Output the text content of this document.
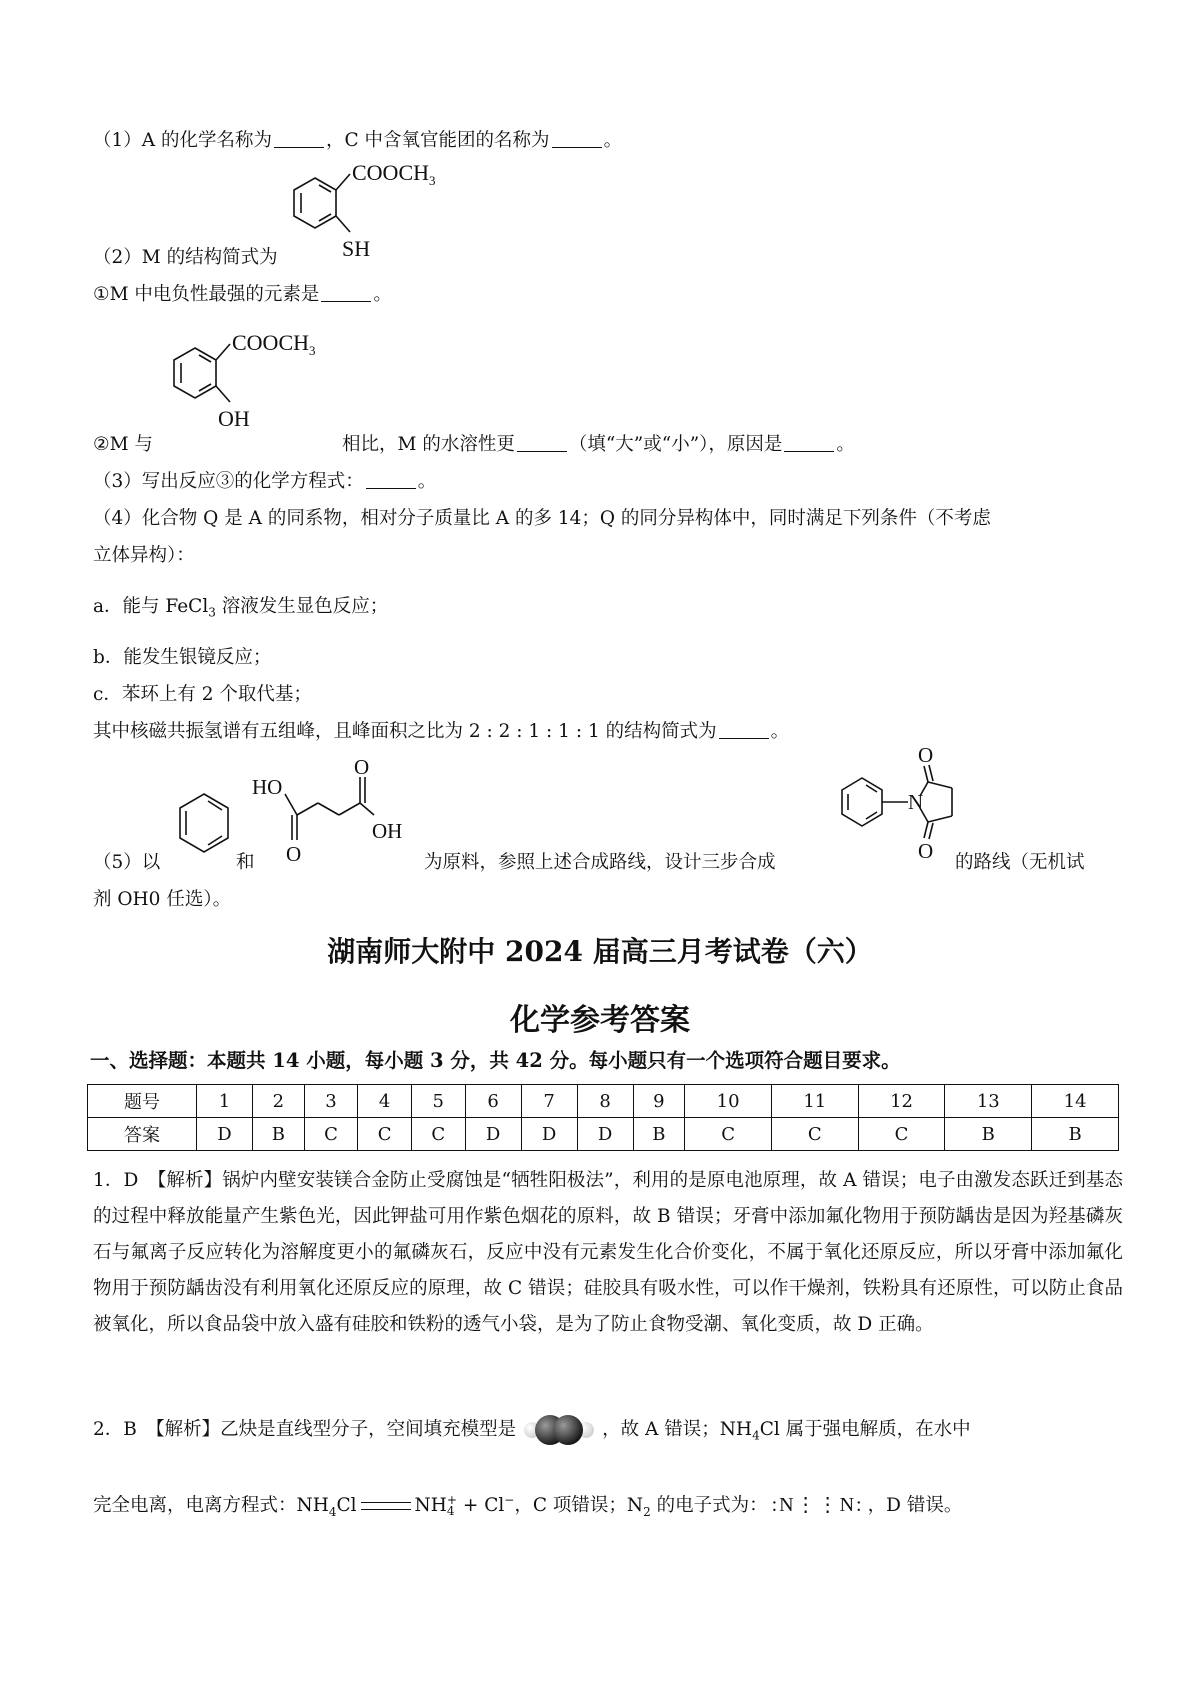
（1）A 的化学名称为	，C 中含氧官能团的名称为	。
$COOCH_3$
SH
（2）M 的结构简式为
①M 中电负性最强的元素是	。
$COOCH_3$
OH
②M 与	相比，M 的水溶性更	（填“大”或“小”），原因是	。
（3）写出反应③的化学方程式：	。
（4）化合物 Q 是 A 的同系物，相对分子质量比 A 的多 14；Q 的同分异构体中，同时满足下列条件（不考虑
立体异构）：
a．能与 FeCl$_3$ 溶液发生显色反应；
b．能发生银镜反应；
c．苯环上有 2 个取代基；
其中核磁共振氢谱有五组峰，且峰面积之比为 2 : 2 : 1 : 1 : 1 的结构简式为	。
HO
O
OH
O
N
O
O
（5）以	和	为原料，参照上述合成路线，设计三步合成	的路线（无机试
剂 OH0 任选）。
湖南师大附中 2024 届高三月考试卷（六）
化学参考答案
一、选择题：本题共 14 小题，每小题 3 分，共 42 分。每小题只有一个选项符合题目要求。
题号	1	2	3	4	5	6	7	8	9	10	11	12	13	14
答案	D	B	C	C	C	D	D	D	B	C	C	C	B	B
1．D　【解析】锅炉内壁安装镁合金防止受腐蚀是“牺牲阳极法”，利用的是原电池原理，故 A 错误；电子由激发态跃迁到基态的过程中释放能量产生紫色光，因此钾盐可用作紫色烟花的原料，故 B 错误；牙膏中添加氟化物用于预防龋齿是因为羟基磷灰石与氟离子反应转化为溶解度更小的氟磷灰石，反应中没有元素发生化合价变化，不属于氧化还原反应，所以牙膏中添加氟化物用于预防龋齿没有利用氧化还原反应的原理，故 C 错误；硅胶具有吸水性，可以作干燥剂，铁粉具有还原性，可以防止食品被氧化，所以食品袋中放入盛有硅胶和铁粉的透气小袋，是为了防止食物受潮、氧化变质，故 D 正确。
2．B　【解析】乙炔是直线型分子，空间填充模型是	，故 A 错误；$NH_4Cl$ 属于强电解质，在水中
完全电离，电离方程式：$NH_4Cl$	NH +
4 + Cl−，C 项错误；$N_2$ 的电子式为： :N⋮⋮N: ，D 错误。
